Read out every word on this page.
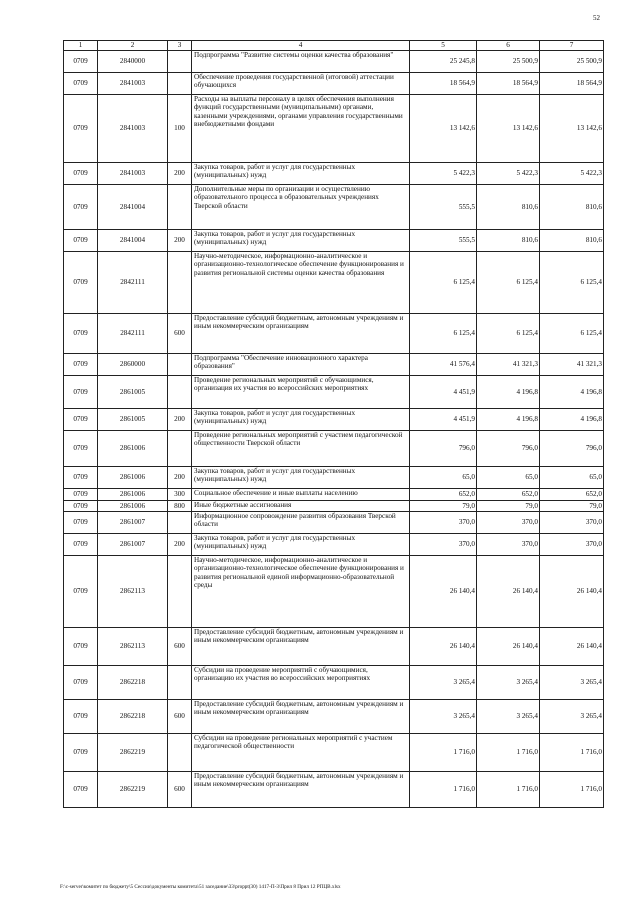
52
1	2	3	4	5	6	7
0709	2840000		Подпрограмма "Развитие системы оценки качества образования"	25 245,8	25 500,9	25 500,9
0709	2841003		Обеспечение проведения государственной (итоговой) аттестации обучающихся	18 564,9	18 564,9	18 564,9
0709	2841003	100	Расходы на выплаты персоналу в целях обеспечения выполнения функций государственными (муниципальными) органами, казенными учреждениями, органами управления государственными внебюджетными фондами	13 142,6	13 142,6	13 142,6
0709	2841003	200	Закупка товаров, работ и услуг для государственных (муниципальных) нужд	5 422,3	5 422,3	5 422,3
0709	2841004		Дополнительные меры по организации и осуществлению образовательного процесса в образовательных учреждениях Тверской области	555,5	810,6	810,6
0709	2841004	200	Закупка товаров, работ и услуг для государственных (муниципальных) нужд	555,5	810,6	810,6
0709	2842111		Научно-методическое, информационно-аналитическое и организационно-технологическое обеспечение функционирования и развития региональной системы оценки качества образования	6 125,4	6 125,4	6 125,4
0709	2842111	600	Предоставление субсидий бюджетным, автономным учреждениям и иным некоммерческим организациям	6 125,4	6 125,4	6 125,4
0709	2860000		Подпрограмма "Обеспечение инновационного характера образования"	41 576,4	41 321,3	41 321,3
0709	2861005		Проведение региональных мероприятий с обучающимися, организация их участия во всероссийских мероприятиях	4 451,9	4 196,8	4 196,8
0709	2861005	200	Закупка товаров, работ и услуг для государственных (муниципальных) нужд	4 451,9	4 196,8	4 196,8
0709	2861006		Проведение региональных мероприятий с участием педагогической общественности Тверской области	796,0	796,0	796,0
0709	2861006	200	Закупка товаров, работ и услуг для государственных (муниципальных) нужд	65,0	65,0	65,0
0709	2861006	300	Социальное обеспечение и иные выплаты населению	652,0	652,0	652,0
0709	2861006	800	Иные бюджетные ассигнования	79,0	79,0	79,0
0709	2861007		Информационное сопровождение развития образования Тверской области	370,0	370,0	370,0
0709	2861007	200	Закупка товаров, работ и услуг для государственных (муниципальных) нужд	370,0	370,0	370,0
0709	2862113		Научно-методическое, информационно-аналитическое и организационно-технологическое обеспечение функционирования и развития региональной единой информационно-образовательной среды	26 140,4	26 140,4	26 140,4
0709	2862113	600	Предоставление субсидий бюджетным, автономным учреждениям и иным некоммерческим организациям	26 140,4	26 140,4	26 140,4
0709	2862218		Субсидии на проведение мероприятий с обучающимися, организацию их участия во всероссийских мероприятиях	3 265,4	3 265,4	3 265,4
0709	2862218	600	Предоставление субсидий бюджетным, автономным учреждениям и иным некоммерческим организациям	3 265,4	3 265,4	3 265,4
0709	2862219		Субсидии на проведение региональных мероприятий с участием педагогической общественности	1 716,0	1 716,0	1 716,0
0709	2862219	600	Предоставление субсидий бюджетным, автономным учреждениям и иным некоммерческим организациям	1 716,0	1 716,0	1 716,0
F:\c-server\комитет по бюджету\5 Сессии\документы комитета\51 заседание\33\proppt(30) 1417-П-3\Прил 8 Прил 12 РПЦВ.xlsx
